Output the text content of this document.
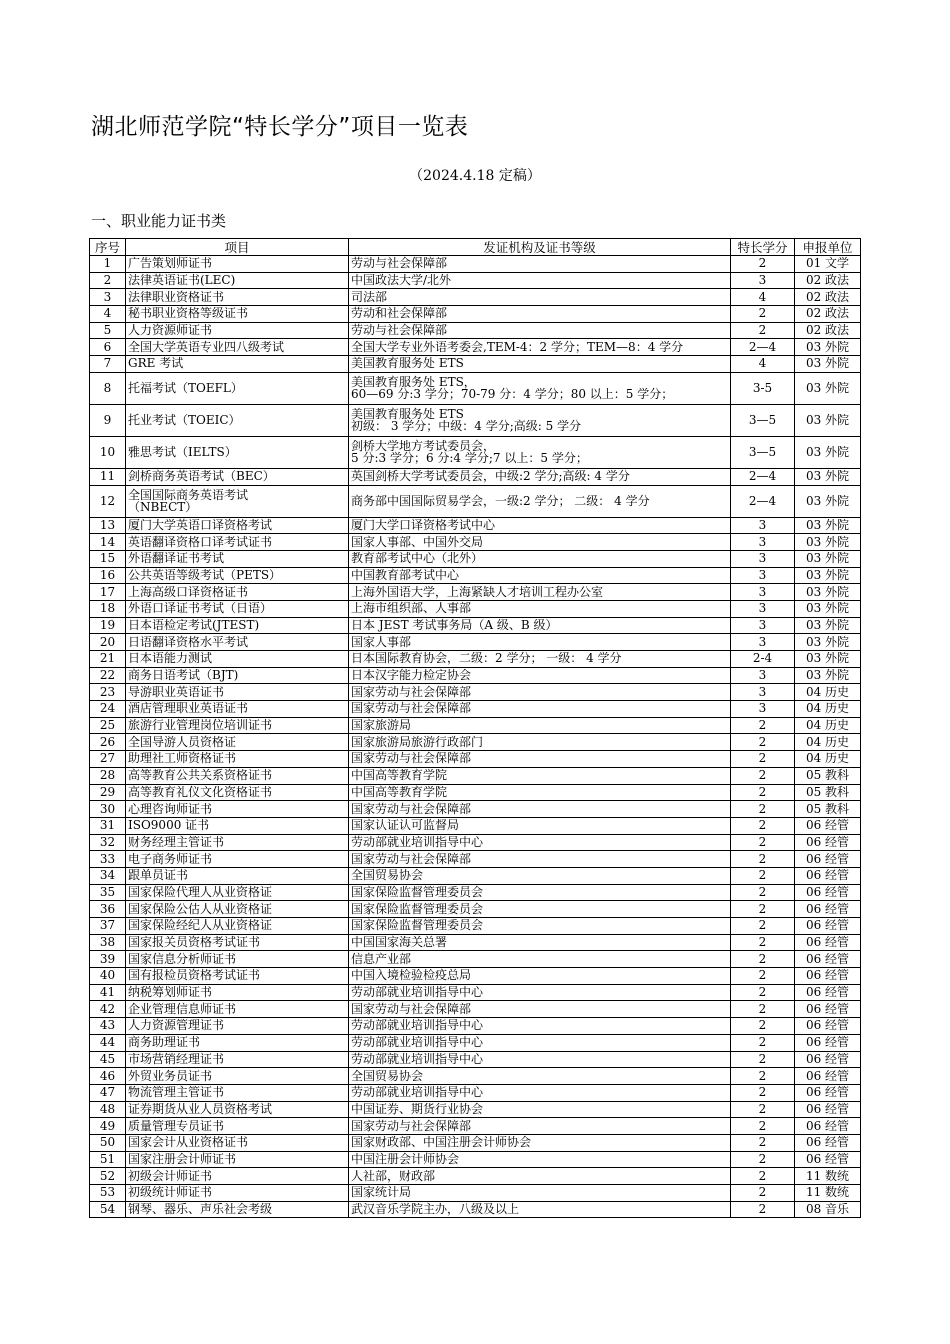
湖北师范学院“特长学分”项目一览表
（2024.4.18 定稿）
一、职业能力证书类
序号	项目	发证机构及证书等级	特长学分	申报单位
1	广告策划师证书	劳动与社会保障部	2	01 文学
2	法律英语证书(LEC)	中国政法大学/北外	3	02 政法
3	法律职业资格证书	司法部	4	02 政法
4	秘书职业资格等级证书	劳动和社会保障部	2	02 政法
5	人力资源师证书	劳动与社会保障部	2	02 政法
6	全国大学英语专业四八级考试	全国大学专业外语考委会,TEM-4：2 学分；TEM—8：4 学分	2—4	03 外院
7	GRE 考试	美国教育服务处 ETS	4	03 外院
8	托福考试（TOEFL）	美国教育服务处 ETS，
60—69 分:3 学分；70-79 分：4 学分；80 以上：5 学分；	3-5	03 外院
9	托业考试（TOEIC）	美国教育服务处 ETS
初级： 3 学分；中级：4 学分;高级: 5 学分	3—5	03 外院
10	雅思考试（IELTS）	剑桥大学地方考试委员会，
5 分:3 学分；6 分:4 学分;7 以上：5 学分；	3—5	03 外院
11	剑桥商务英语考试（BEC）	英国剑桥大学考试委员会，中级:2 学分;高级: 4 学分	2—4	03 外院
12	全国国际商务英语考试
（NBECT）	商务部中国国际贸易学会，一级:2 学分； 二级： 4 学分	2—4	03 外院
13	厦门大学英语口译资格考试	厦门大学口译资格考试中心	3	03 外院
14	英语翻译资格口译考试证书	国家人事部、中国外交局	3	03 外院
15	外语翻译证书考试	教育部考试中心（北外）	3	03 外院
16	公共英语等级考试（PETS）	中国教育部考试中心	3	03 外院
17	上海高级口译资格证书	上海外国语大学，上海紧缺人才培训工程办公室	3	03 外院
18	外语口译证书考试（日语）	上海市组织部、人事部	3	03 外院
19	日本语检定考试(JTEST)	日本 JEST 考试事务局（A 级、B 级）	3	03 外院
20	日语翻译资格水平考试	国家人事部	3	03 外院
21	日本语能力测试	日本国际教育协会，二级：2 学分； 一级： 4 学分	2-4	03 外院
22	商务日语考试（BJT)	日本汉字能力检定协会	3	03 外院
23	导游职业英语证书	国家劳动与社会保障部	3	04 历史
24	酒店管理职业英语证书	国家劳动与社会保障部	3	04 历史
25	旅游行业管理岗位培训证书	国家旅游局	2	04 历史
26	全国导游人员资格证	国家旅游局旅游行政部门	2	04 历史
27	助理社工师资格证书	国家劳动与社会保障部	2	04 历史
28	高等教育公共关系资格证书	中国高等教育学院	2	05 教科
29	高等教育礼仪文化资格证书	中国高等教育学院	2	05 教科
30	心理咨询师证书	国家劳动与社会保障部	2	05 教科
31	ISO9000 证书	国家认证认可监督局	2	06 经管
32	财务经理主管证书	劳动部就业培训指导中心	2	06 经管
33	电子商务师证书	国家劳动与社会保障部	2	06 经管
34	跟单员证书	全国贸易协会	2	06 经管
35	国家保险代理人从业资格证	国家保险监督管理委员会	2	06 经管
36	国家保险公估人从业资格证	国家保险监督管理委员会	2	06 经管
37	国家保险经纪人从业资格证	国家保险监督管理委员会	2	06 经管
38	国家报关员资格考试证书	中国国家海关总署	2	06 经管
39	国家信息分析师证书	信息产业部	2	06 经管
40	国有报检员资格考试证书	中国入境检验检疫总局	2	06 经管
41	纳税筹划师证书	劳动部就业培训指导中心	2	06 经管
42	企业管理信息师证书	国家劳动与社会保障部	2	06 经管
43	人力资源管理证书	劳动部就业培训指导中心	2	06 经管
44	商务助理证书	劳动部就业培训指导中心	2	06 经管
45	市场营销经理证书	劳动部就业培训指导中心	2	06 经管
46	外贸业务员证书	全国贸易协会	2	06 经管
47	物流管理主管证书	劳动部就业培训指导中心	2	06 经管
48	证券期货从业人员资格考试	中国证券、期货行业协会	2	06 经管
49	质量管理专员证书	国家劳动与社会保障部	2	06 经管
50	国家会计从业资格证书	国家财政部、中国注册会计师协会	2	06 经管
51	国家注册会计师证书	中国注册会计师协会	2	06 经管
52	初级会计师证书	人社部，财政部	2	11 数统
53	初级统计师证书	国家统计局	2	11 数统
54	钢琴、器乐、声乐社会考级	武汉音乐学院主办，八级及以上	2	08 音乐
